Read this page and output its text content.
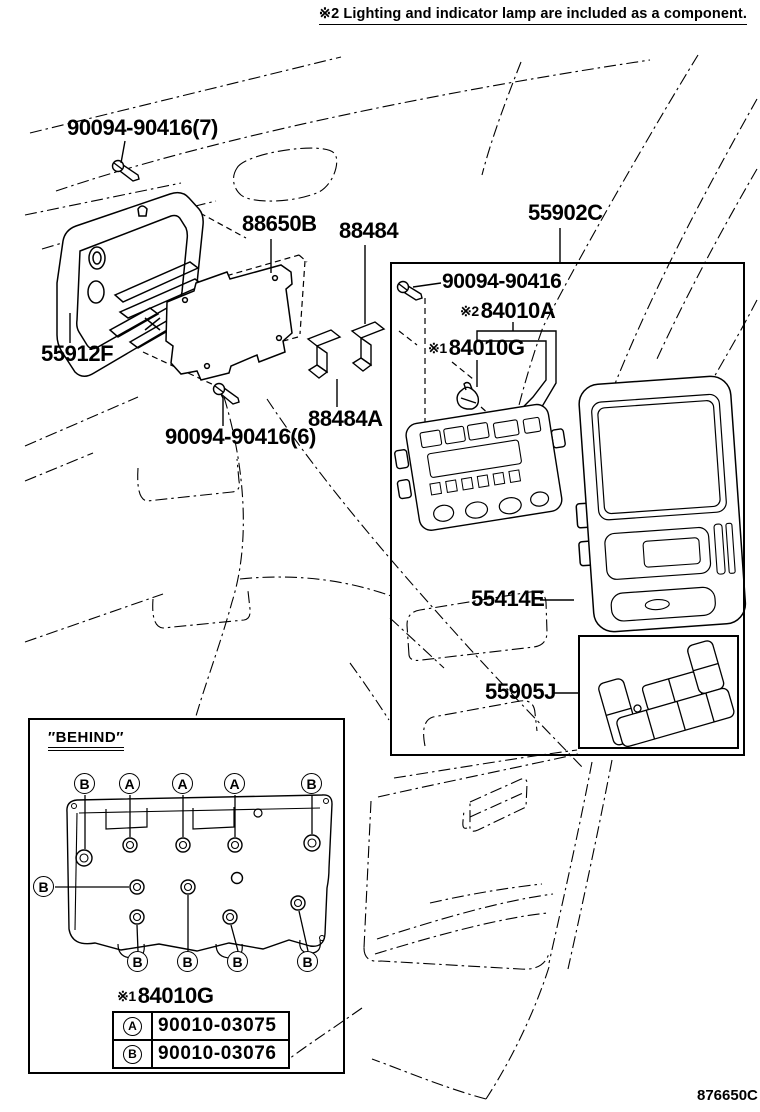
※2 Lighting and indicator lamp are included as a component.
876650C
90094-90416(7)
88650B 88484
55902C
90094-90416
※284010A
※184010G
55912F
88484A
90094-90416(6)
55414E
55905J
″BEHIND″
※184010G
B	A	A	A	B
B
B	B	B	B
A 90010-03075
B 90010-03076
